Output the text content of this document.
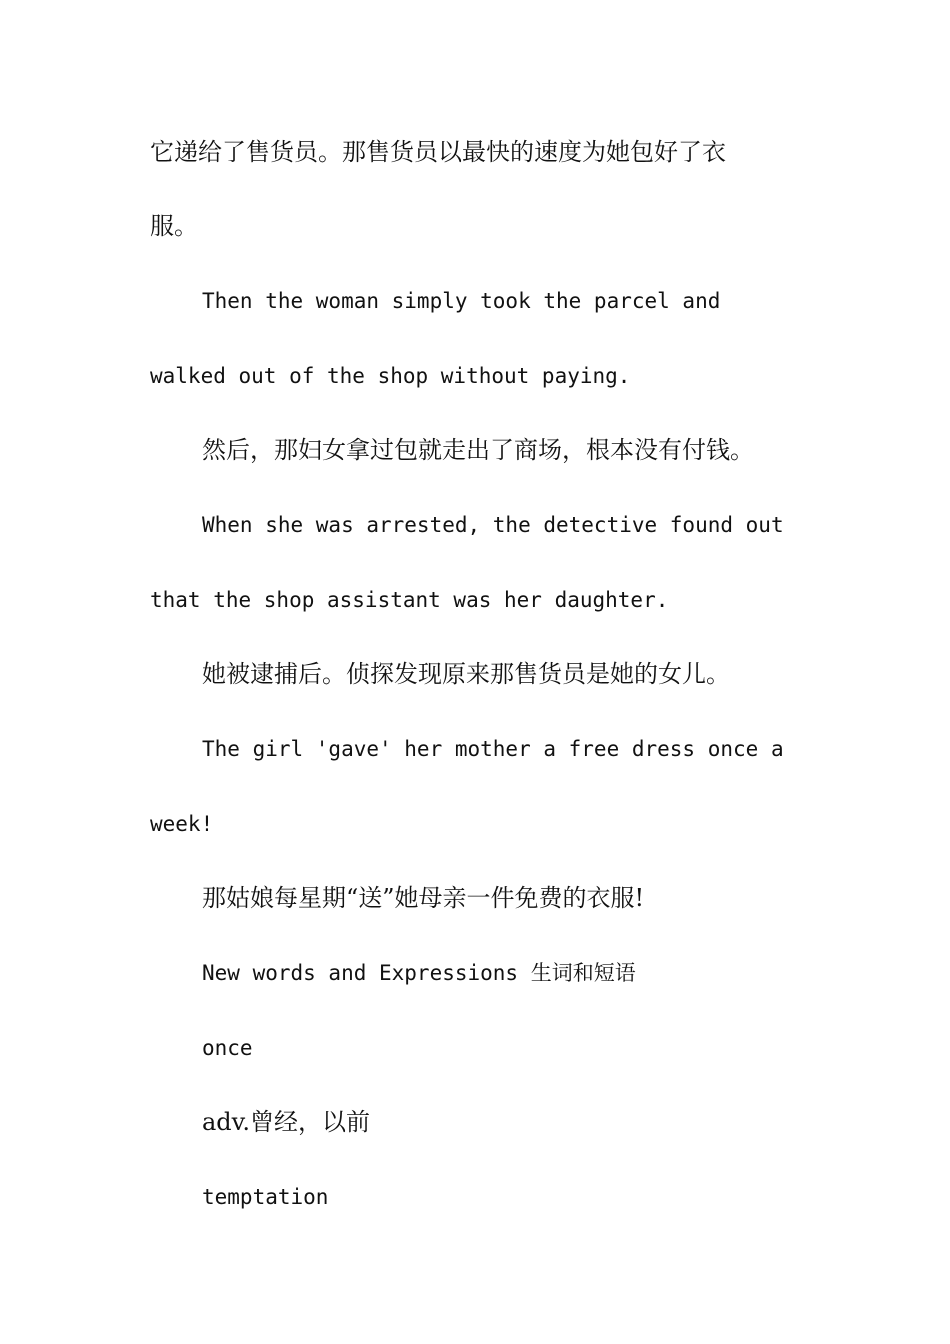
它递给了售货员。那售货员以最快的速度为她包好了衣
服。
Then the woman simply took the parcel and
walked out of the shop without paying.
然后，那妇女拿过包就走出了商场，根本没有付钱。
When she was arrested, the detective found out
that the shop assistant was her daughter.
她被逮捕后。侦探发现原来那售货员是她的女儿。
The girl 'gave' her mother a free dress once a
week!
那姑娘每星期“送”她母亲一件免费的衣服!
New words and Expressions 生词和短语
once
adv.曾经，以前
temptation
